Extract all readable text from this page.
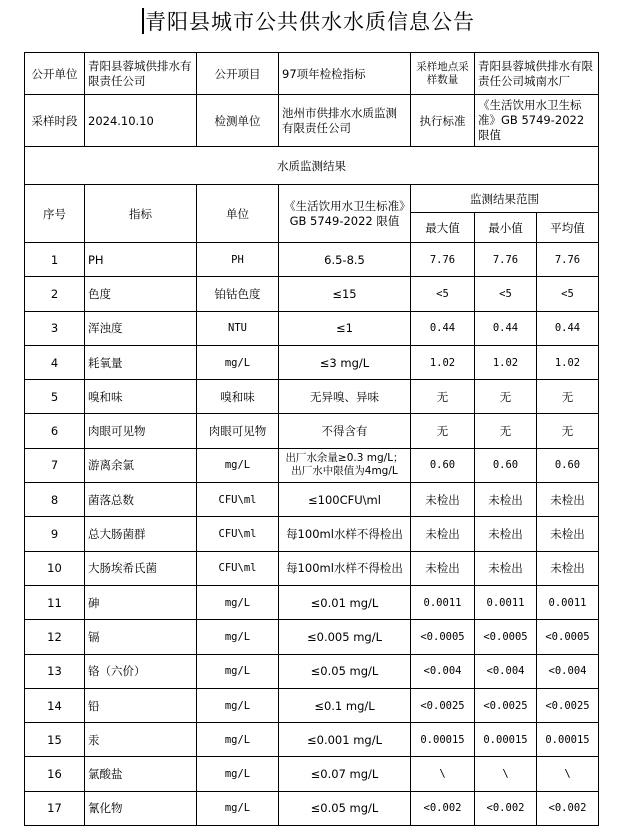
青阳县城市公共供水水质信息公告
公开单位	青阳县蓉城供排水有限责任公司	公开项目	97项年检检指标	采样地点采样数量	青阳县蓉城供排水有限责任公司城南水厂	
采样时段	2024.10.10	检测单位	池州市供排水水质监测有限责任公司	执行标准	《生活饮用水卫生标准》GB 5749-2022 限值	
水质监测结果						
序号	指标	单位	《生活饮用水卫生标准》GB 5749-2022 限值	监测结果范围		
				最大值	最小值	平均值
1	PH	PH	6.5-8.5	7.76	7.76	7.76
2	色度	铂钴色度	≤15	<5	<5	<5
3	浑浊度	NTU	≤1	0.44	0.44	0.44
4	耗氧量	mg/L	≤3 mg/L	1.02	1.02	1.02
5	嗅和味	嗅和味	无异嗅、异味	无	无	无
6	肉眼可见物	肉眼可见物	不得含有	无	无	无
7	游离余氯	mg/L	出厂水余量≥0.3 mg/L；出厂水中限值为4mg/L	0.60	0.60	0.60
8	菌落总数	CFU\ml	≤100CFU\ml	未检出	未检出	未检出
9	总大肠菌群	CFU\ml	每100ml水样不得检出	未检出	未检出	未检出
10	大肠埃希氏菌	CFU\ml	每100ml水样不得检出	未检出	未检出	未检出
11	砷	mg/L	≤0.01 mg/L	0.0011	0.0011	0.0011
12	镉	mg/L	≤0.005 mg/L	<0.0005	<0.0005	<0.0005
13	铬（六价）	mg/L	≤0.05 mg/L	<0.004	<0.004	<0.004
14	铅	mg/L	≤0.1 mg/L	<0.0025	<0.0025	<0.0025
15	汞	mg/L	≤0.001 mg/L	0.00015	0.00015	0.00015
16	氯酸盐	mg/L	≤0.07 mg/L	\	\	\
17	氰化物	mg/L	≤0.05 mg/L	<0.002	<0.002	<0.002
